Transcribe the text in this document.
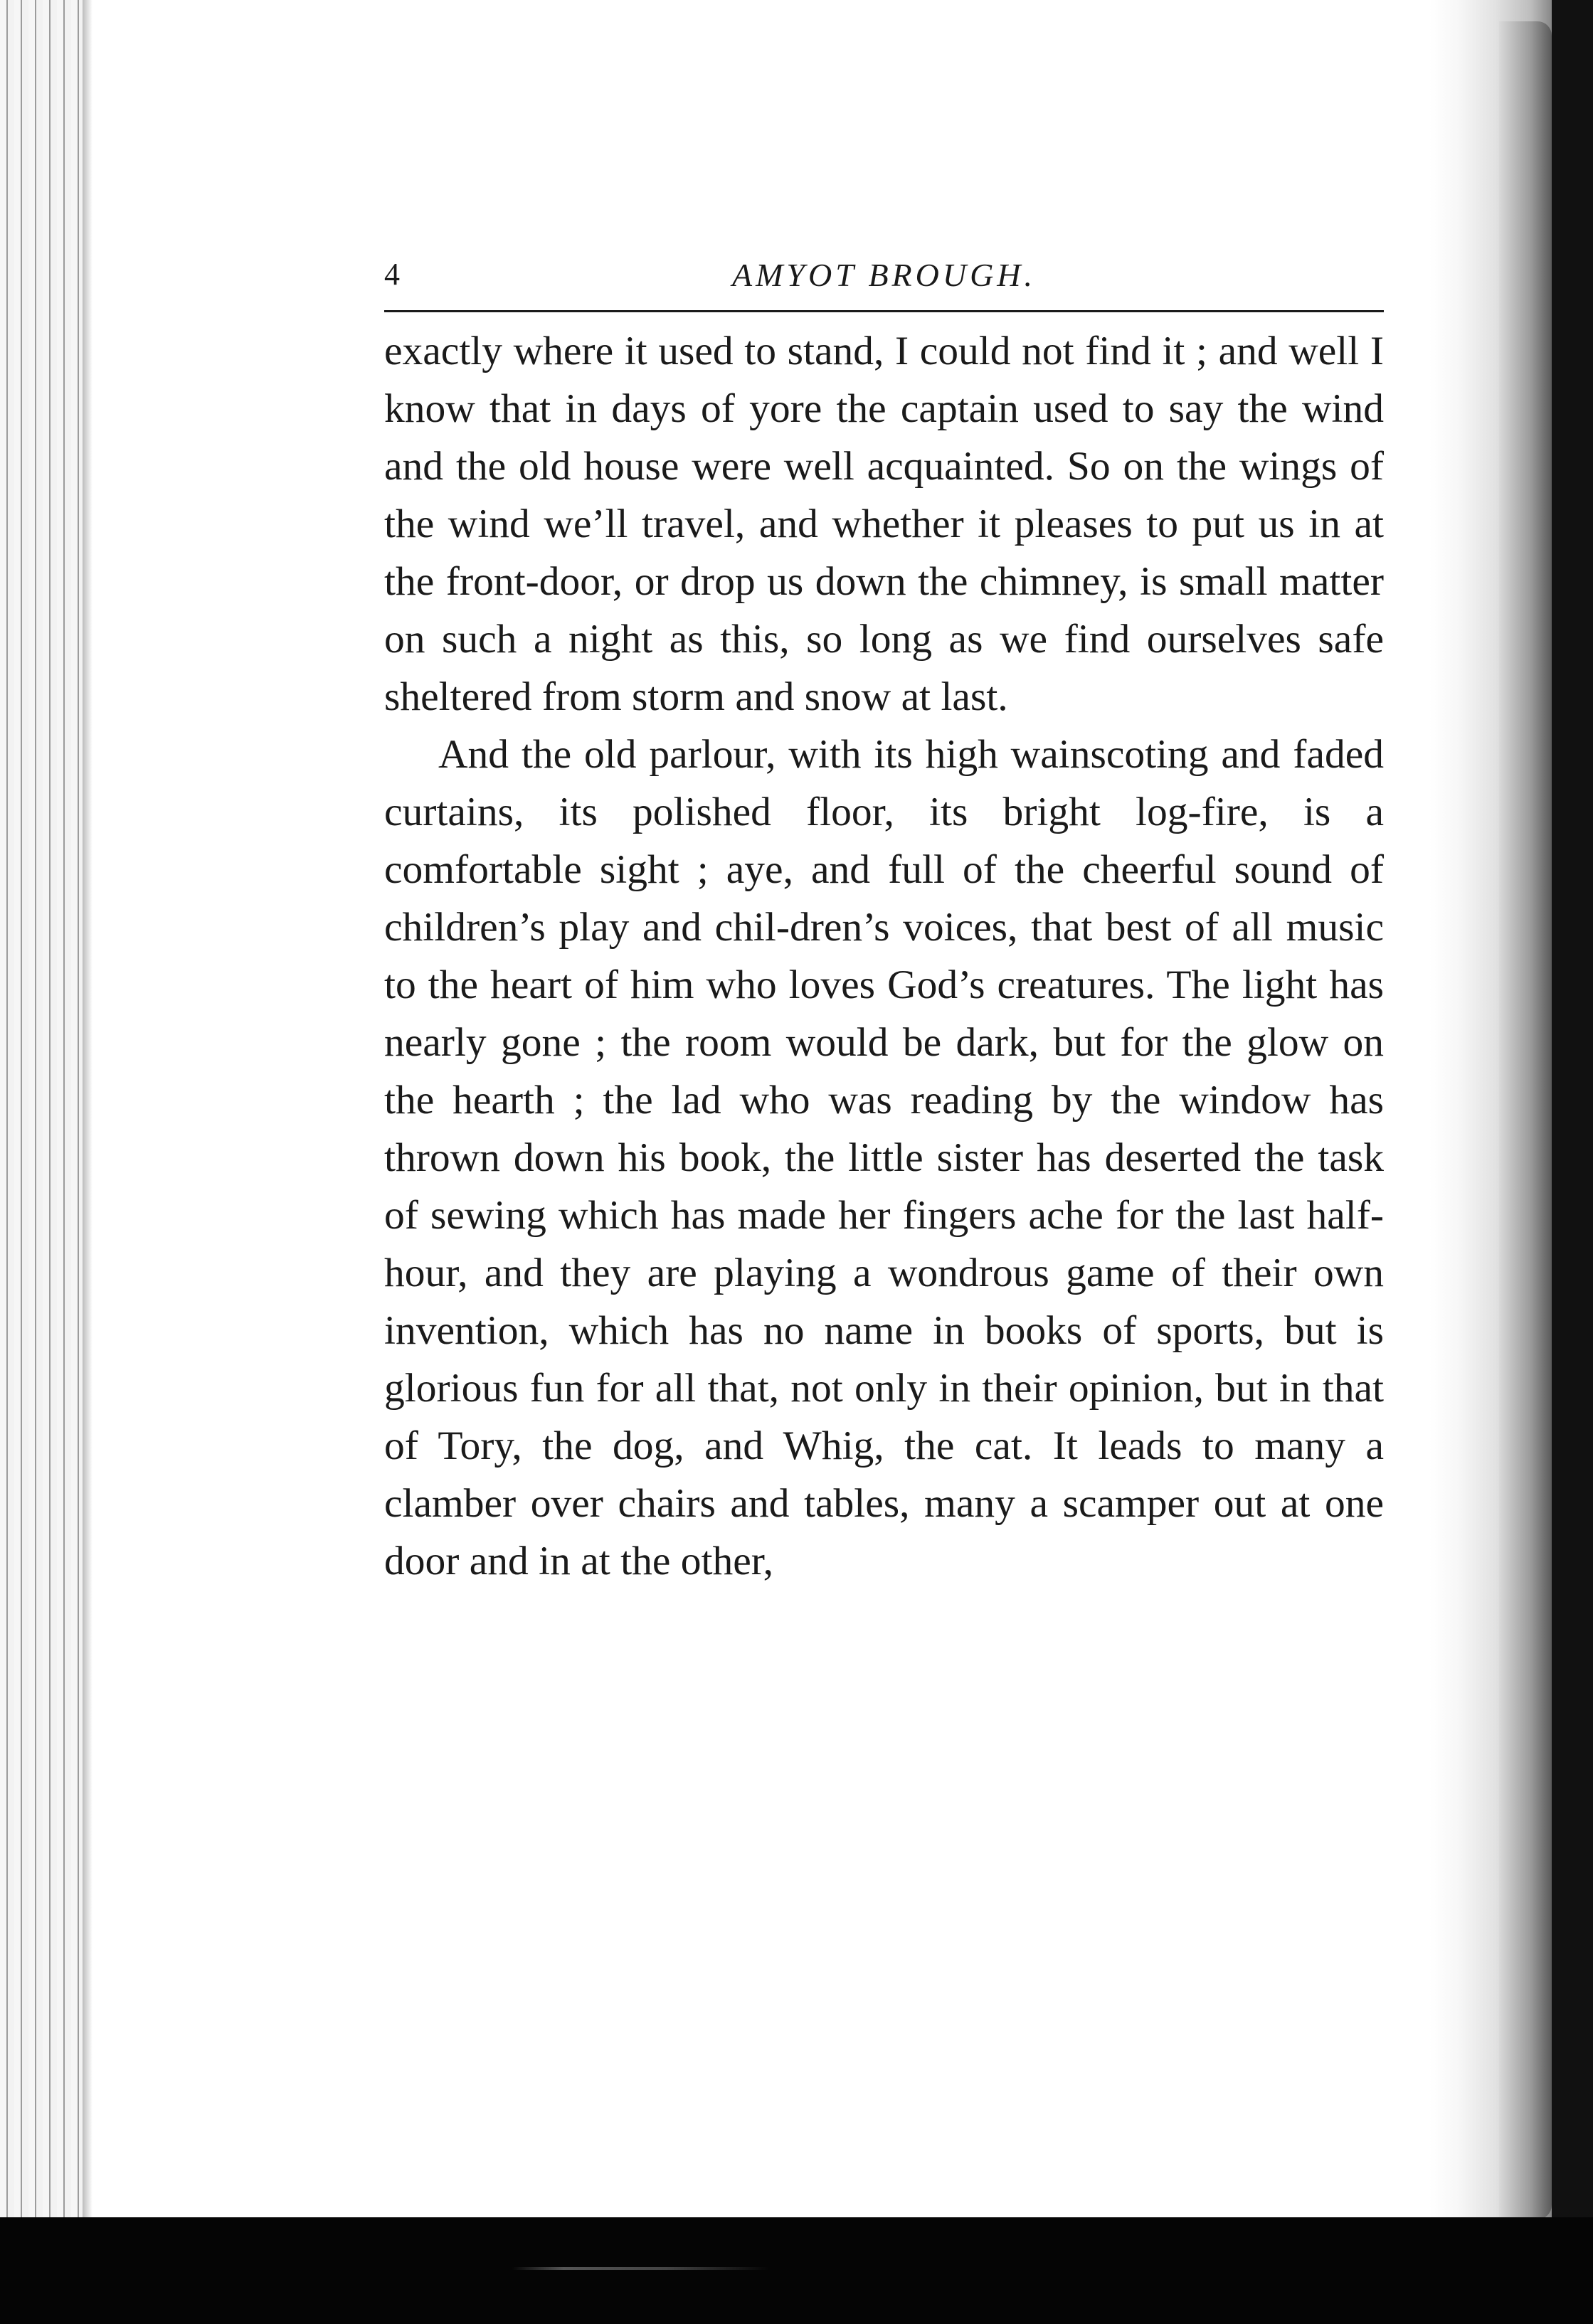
4	AMYOT BROUGH.

exactly where it used to stand, I could not find it ; and well I know that in days of yore the captain used to say the wind and the old house were well acquainted. So on the wings of the wind we’ll travel, and whether it pleases to put us in at the front-door, or drop us down the chimney, is small matter on such a night as this, so long as we find ourselves safe sheltered from storm and snow at last.

And the old parlour, with its high wainscoting and faded curtains, its polished floor, its bright log-fire, is a comfortable sight ; aye, and full of the cheerful sound of children’s play and chil-dren’s voices, that best of all music to the heart of him who loves God’s creatures. The light has nearly gone ; the room would be dark, but for the glow on the hearth ; the lad who was reading by the window has thrown down his book, the little sister has deserted the task of sewing which has made her fingers ache for the last half-hour, and they are playing a wondrous game of their own invention, which has no name in books of sports, but is glorious fun for all that, not only in their opinion, but in that of Tory, the dog, and Whig, the cat. It leads to many a clamber over chairs and tables, many a scamper out at one door and in at the other,
